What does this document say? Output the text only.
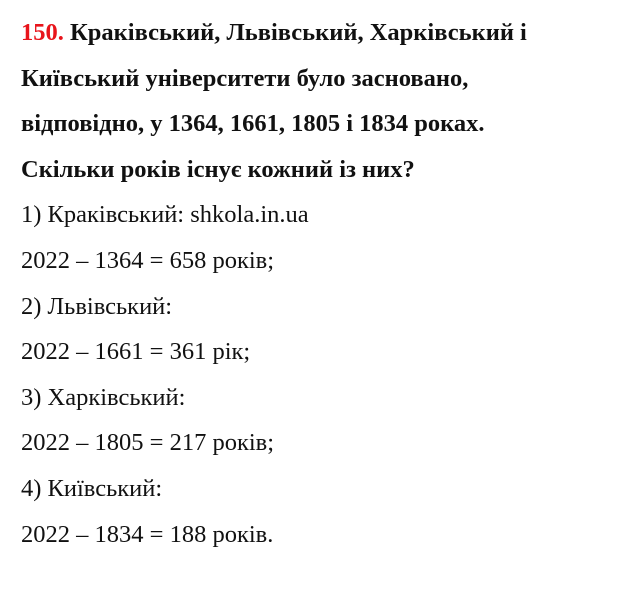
150. Краківський, Львівський, Харківський і
Київський університети було засновано,
відповідно, у 1364, 1661, 1805 і 1834 роках.
Скільки років існує кожний із них?
1) Краківський: shkola.in.ua
2022 – 1364 = 658 років;
2) Львівський:
2022 – 1661 = 361 рік;
3) Харківський:
2022 – 1805 = 217 років;
4) Київський:
2022 – 1834 = 188 років.
